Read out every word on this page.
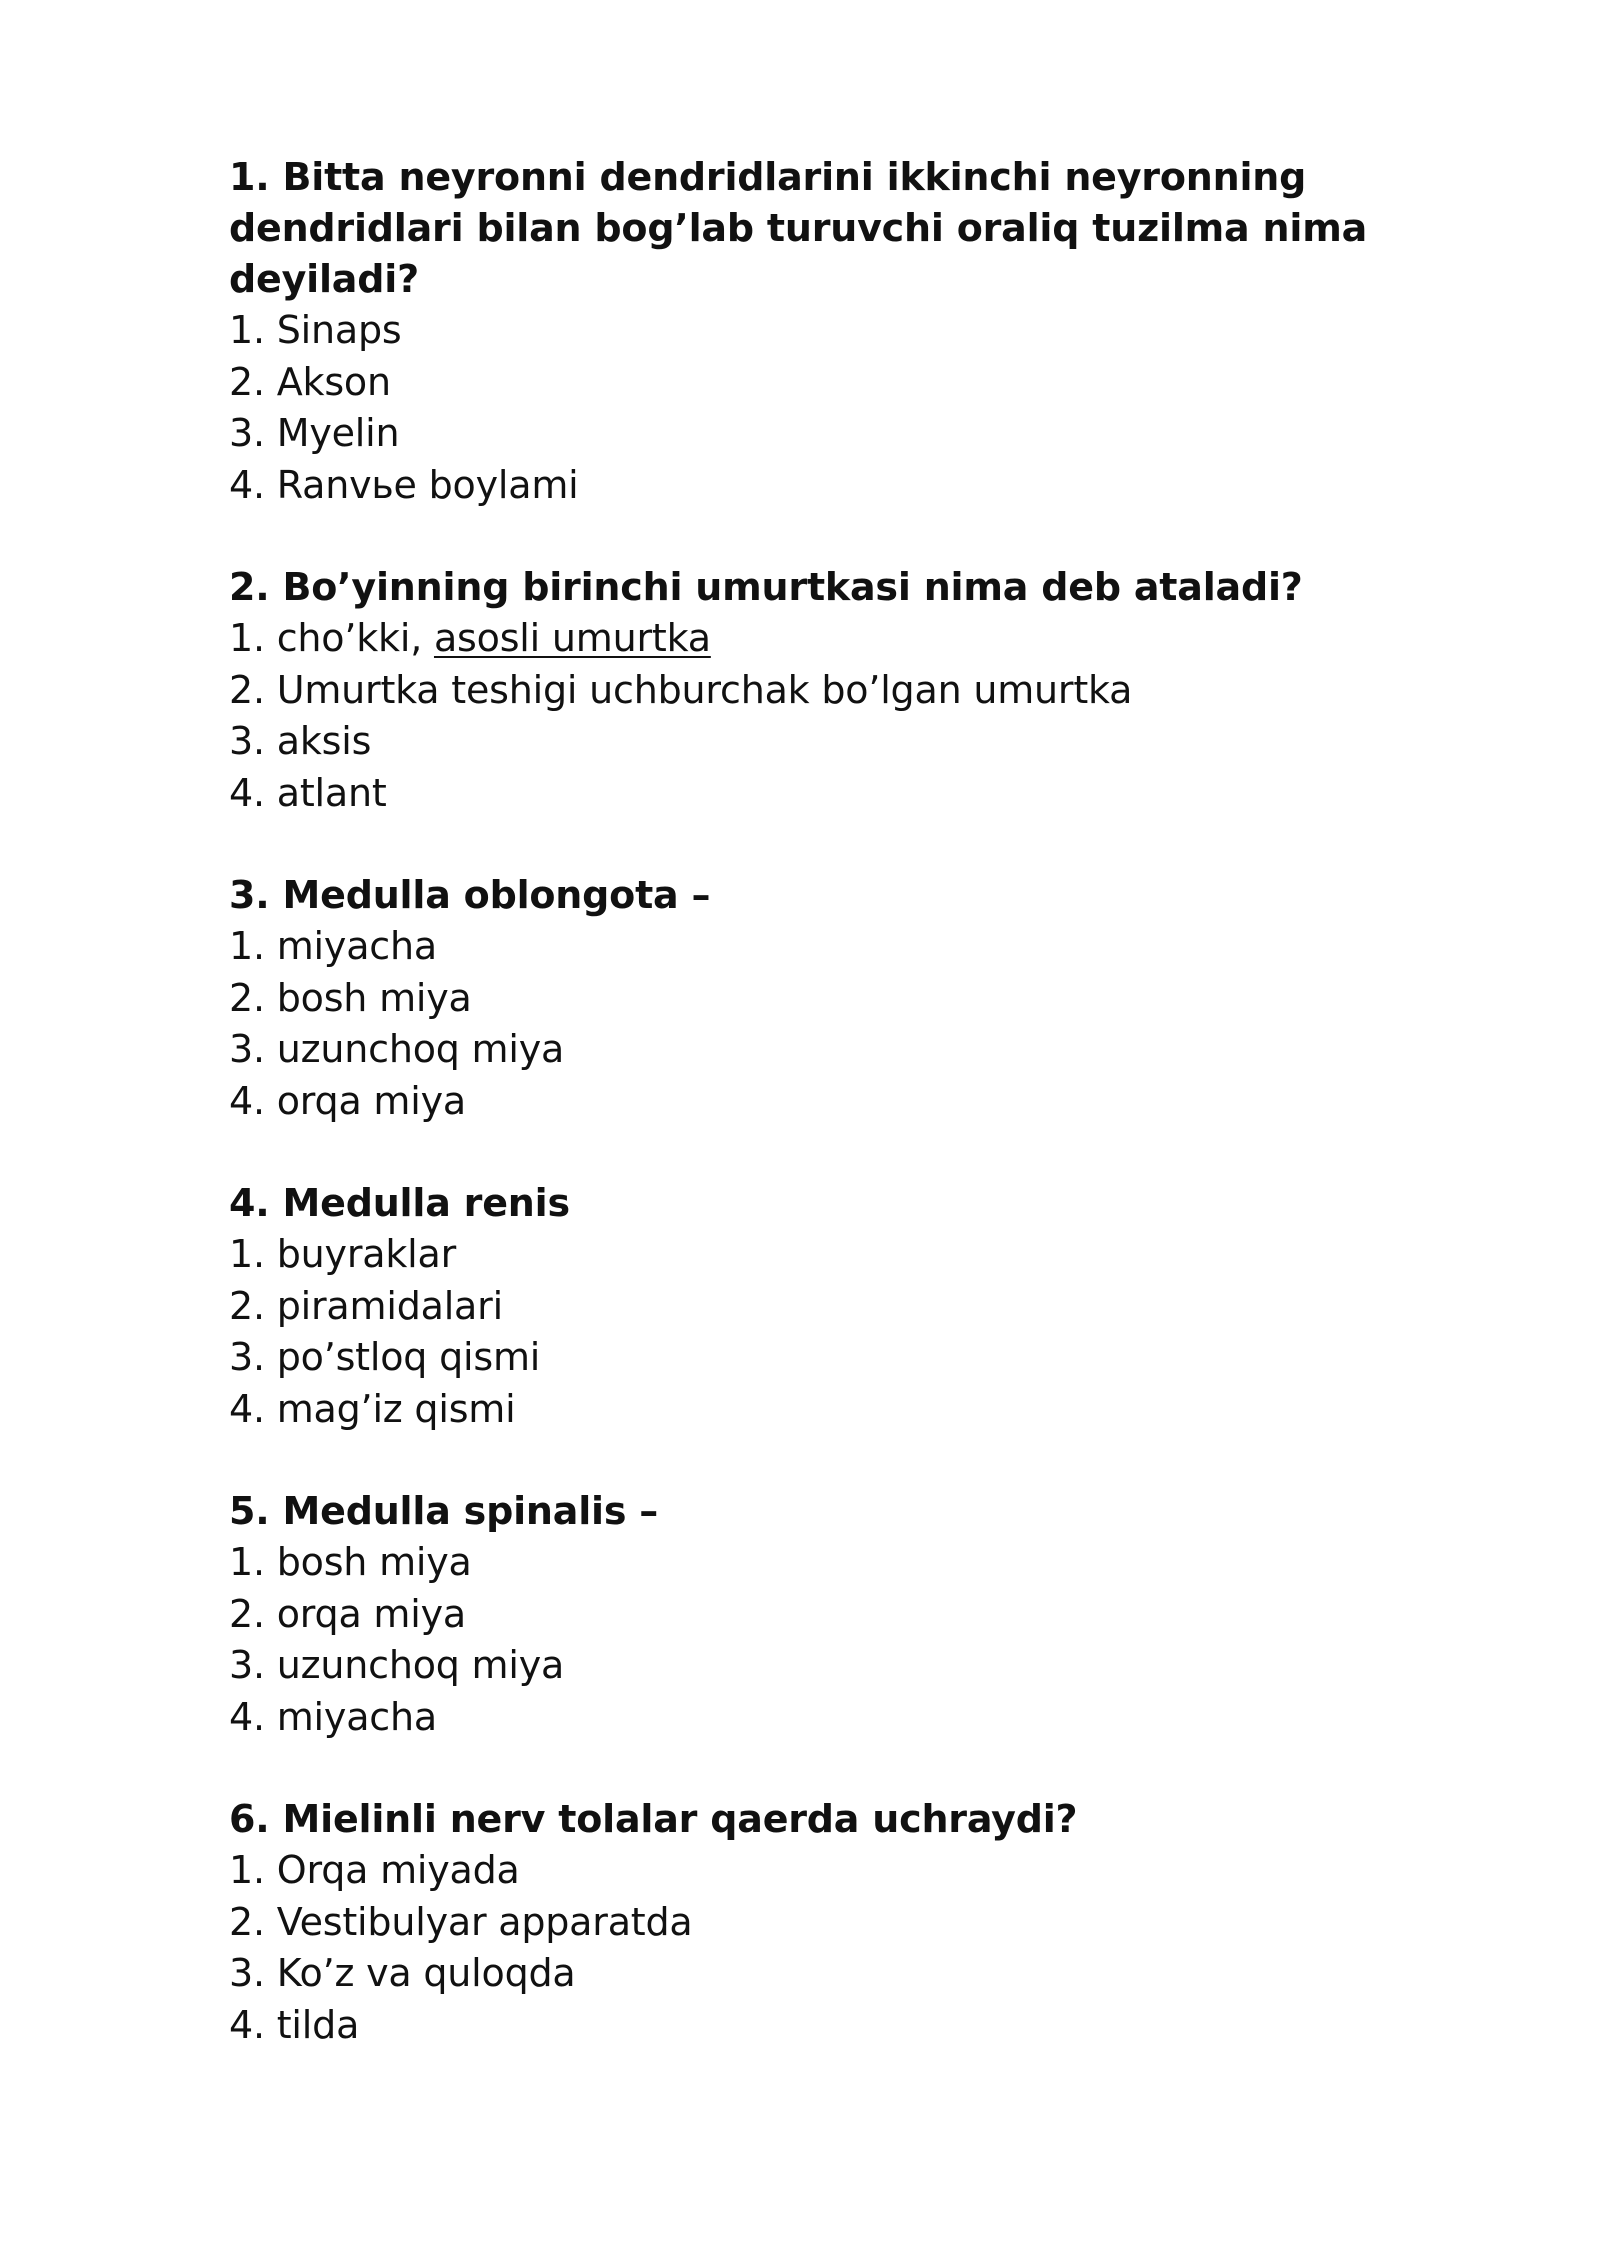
1. Bitta neyronni dendridlarini ikkinchi neyronning dendridlari bilan bog’lab turuvchi oraliq tuzilma nima deyiladi?

1. Sinaps
2. Akson
3. Myelin
4. Ranvье boylami

2. Bo’yinning birinchi umurtkasi nima deb ataladi?

1. cho’kki, asosli umurtka
2. Umurtka teshigi uchburchak bo’lgan umurtka
3. aksis
4. atlant

3. Medulla oblongota –

1. miyacha
2. bosh miya
3. uzunchoq miya
4. orqa miya

4. Medulla renis

1. buyraklar
2. piramidalari
3. po’stloq qismi
4. mag’iz qismi

5. Medulla spinalis –

1. bosh miya
2. orqa miya
3. uzunchoq miya
4. miyacha

6. Mielinli nerv tolalar qaerda uchraydi?

1. Orqa miyada
2. Vestibulyar apparatda
3. Ko’z va quloqda
4. tilda
